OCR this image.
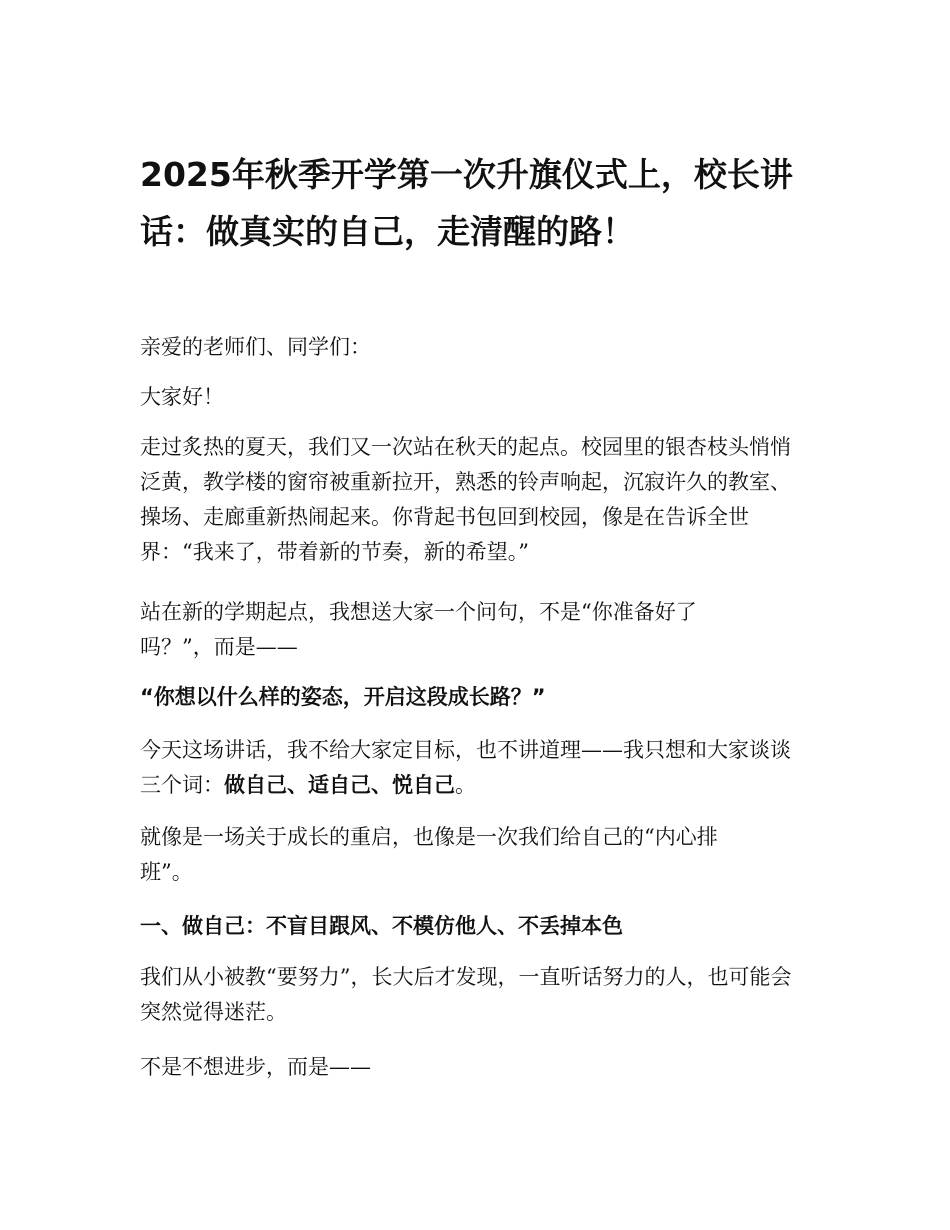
2025年秋季开学第一次升旗仪式上，校长讲话：做真实的自己，走清醒的路！

亲爱的老师们、同学们：

大家好！

走过炙热的夏天，我们又一次站在秋天的起点。校园里的银杏枝头悄悄泛黄，教学楼的窗帘被重新拉开，熟悉的铃声响起，沉寂许久的教室、操场、走廊重新热闹起来。你背起书包回到校园，像是在告诉全世界：“我来了，带着新的节奏，新的希望。”

站在新的学期起点，我想送大家一个问句，不是“你准备好了吗？”，而是——

“你想以什么样的姿态，开启这段成长路？”

今天这场讲话，我不给大家定目标，也不讲道理——我只想和大家谈谈三个词：做自己、适自己、悦自己。

就像是一场关于成长的重启，也像是一次我们给自己的“内心排班”。

一、做自己：不盲目跟风、不模仿他人、不丢掉本色

我们从小被教“要努力”，长大后才发现，一直听话努力的人，也可能会突然觉得迷茫。

不是不想进步，而是——
